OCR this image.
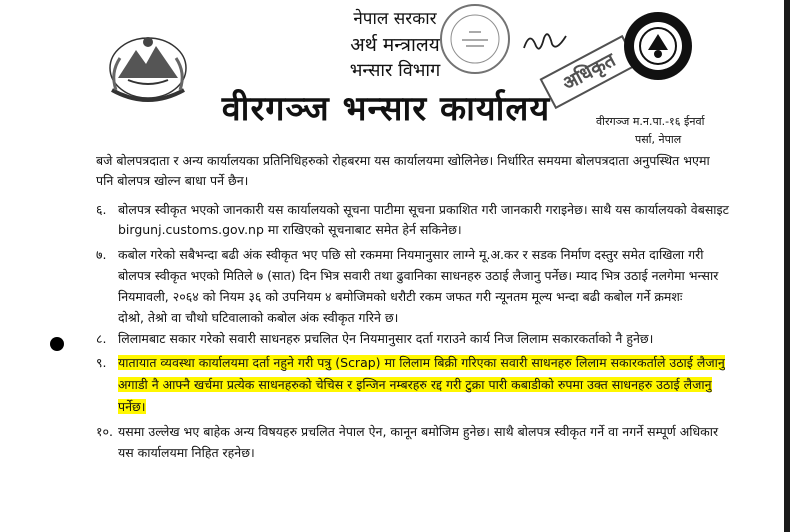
नेपाल सरकार
अर्थ मन्त्रालय
भन्सार विभाग
वीरगञ्ज भन्सार कार्यालय
अधिकृत
वीरगञ्ज म.न.पा.-१६ ईनर्वा
पर्सा, नेपाल
बजे बोलपत्रदाता र अन्य कार्यालयका प्रतिनिधिहरुको रोहबरमा यस कार्यालयमा खोलिनेछ। निर्धारित समयमा बोलपत्रदाता अनुपस्थित भएमा
पनि बोलपत्र खोल्न बाधा पर्ने छैन।
६. बोलपत्र स्वीकृत भएको जानकारी यस कार्यालयको सूचना पाटीमा सूचना प्रकाशित गरी जानकारी गराइनेछ। साथै यस कार्यालयको वेबसाइट
birgunj.customs.gov.np मा राखिएको सूचनाबाट समेत हेर्न सकिनेछ।
७. कबोल गरेको सबैभन्दा बढी अंक स्वीकृत भए पछि सो रकममा नियमानुसार लाग्ने मू.अ.कर र सडक निर्माण दस्तुर समेत दाखिला गरी
बोलपत्र स्वीकृत भएको मितिले ७ (सात) दिन भित्र सवारी तथा ढुवानिका साधनहरु उठाई लैजानु पर्नेछ। म्याद भित्र उठाई नलगेमा भन्सार
नियमावली, २०६४ को नियम ३६ को उपनियम ४ बमोजिमको धरौटी रकम जफत गरी न्यूनतम मूल्य भन्दा बढी कबोल गर्ने क्रमशः
दोश्रो, तेश्रो वा चौथो घटिवालाको कबोल अंक स्वीकृत गरिने छ।
८. लिलामबाट सकार गरेको सवारी साधनहरु प्रचलित ऐन नियमानुसार दर्ता गराउने कार्य निज लिलाम सकारकर्ताको नै हुनेछ।
९. यातायात व्यवस्था कार्यालयमा दर्ता नहुने गरी पत्रु (Scrap) मा लिलाम बिक्री गरिएका सवारी साधनहरु लिलाम सकारकर्ताले उठाई लैजानु
अगाडी नै आफ्नै खर्चमा प्रत्येक साधनहरुको चेचिस र इन्जिन नम्बरहरु रद्द गरी टुक्रा पारी कबाडीको रुपमा उक्त साधनहरु उठाई लैजानु
पर्नेछ।
१०. यसमा उल्लेख भए बाहेक अन्य विषयहरु प्रचलित नेपाल ऐन, कानून बमोजिम हुनेछ। साथै बोलपत्र स्वीकृत गर्ने वा नगर्ने सम्पूर्ण अधिकार
यस कार्यालयमा निहित रहनेछ।
